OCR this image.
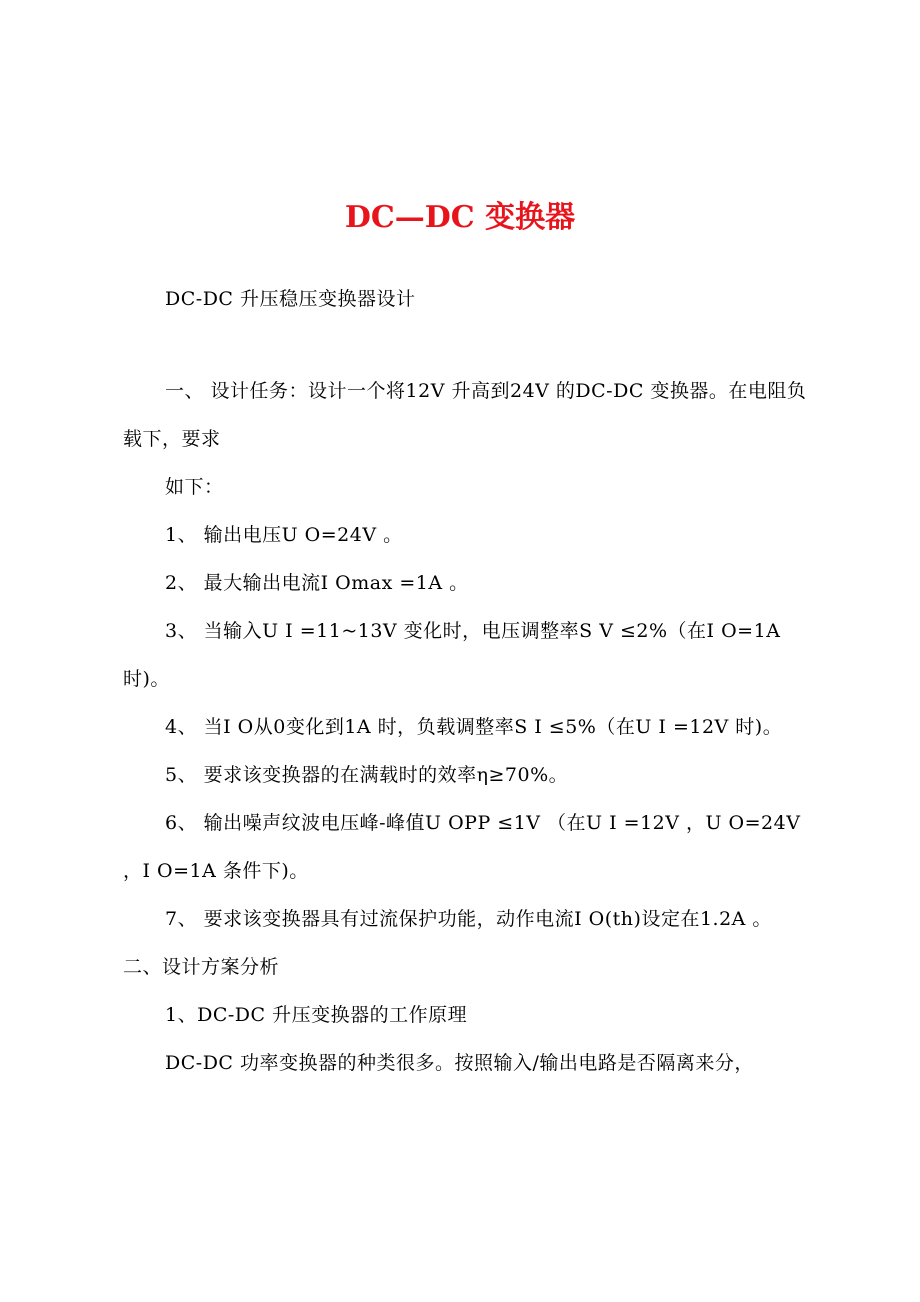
DC—DC 变换器

DC-DC 升压稳压变换器设计

一、 设计任务：设计一个将12V 升高到24V 的DC-DC 变换器。在电阻负载下，要求

如下：

1、 输出电压U O=24V 。

2、 最大输出电流I Omax =1A 。

3、 当输入U I =11~13V 变化时，电压调整率S V ≤2%（在I O=1A 时)。

4、 当I O从0变化到1A 时，负载调整率S I ≤5%（在U I =12V 时)。

5、 要求该变换器的在满载时的效率η≥70%。

6、 输出噪声纹波电压峰-峰值U OPP ≤1V （在U I =12V ，U O=24V ，I O=1A 条件下)。

7、 要求该变换器具有过流保护功能，动作电流I O(th)设定在1.2A 。 二、设计方案分析

1、DC-DC 升压变换器的工作原理

DC-DC 功率变换器的种类很多。按照输入/输出电路是否隔离来分，
